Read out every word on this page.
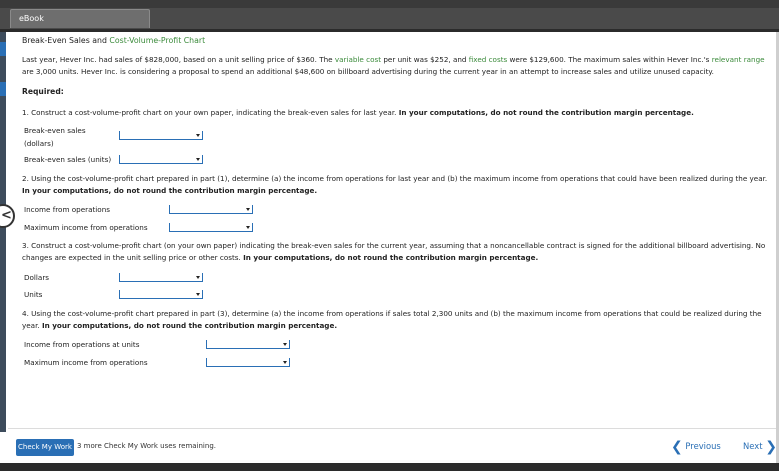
eBook
<
Break-Even Sales and Cost-Volume-Profit Chart
Last year, Hever Inc. had sales of $828,000, based on a unit selling price of $360. The variable cost per unit was $252, and fixed costs were $129,600. The maximum sales within Hever Inc.'s relevant range are 3,000 units. Hever Inc. is considering a proposal to spend an additional $48,600 on billboard advertising during the current year in an attempt to increase sales and utilize unused capacity.
Required:
1. Construct a cost-volume-profit chart on your own paper, indicating the break-even sales for last year. In your computations, do not round the contribution margin percentage.
Break-even sales
(dollars)
Break-even sales (units)
2. Using the cost-volume-profit chart prepared in part (1), determine (a) the income from operations for last year and (b) the maximum income from operations that could have been realized during the year. In your computations, do not round the contribution margin percentage.
Income from operations
Maximum income from operations
3. Construct a cost-volume-profit chart (on your own paper) indicating the break-even sales for the current year, assuming that a noncancellable contract is signed for the additional billboard advertising. No changes are expected in the unit selling price or other costs. In your computations, do not round the contribution margin percentage.
Dollars
Units
4. Using the cost-volume-profit chart prepared in part (3), determine (a) the income from operations if sales total 2,300 units and (b) the maximum income from operations that could be realized during the year. In your computations, do not round the contribution margin percentage.
Income from operations at units
Maximum income from operations
Check My Work 3 more Check My Work uses remaining.	❮ Previous	Next ❯
